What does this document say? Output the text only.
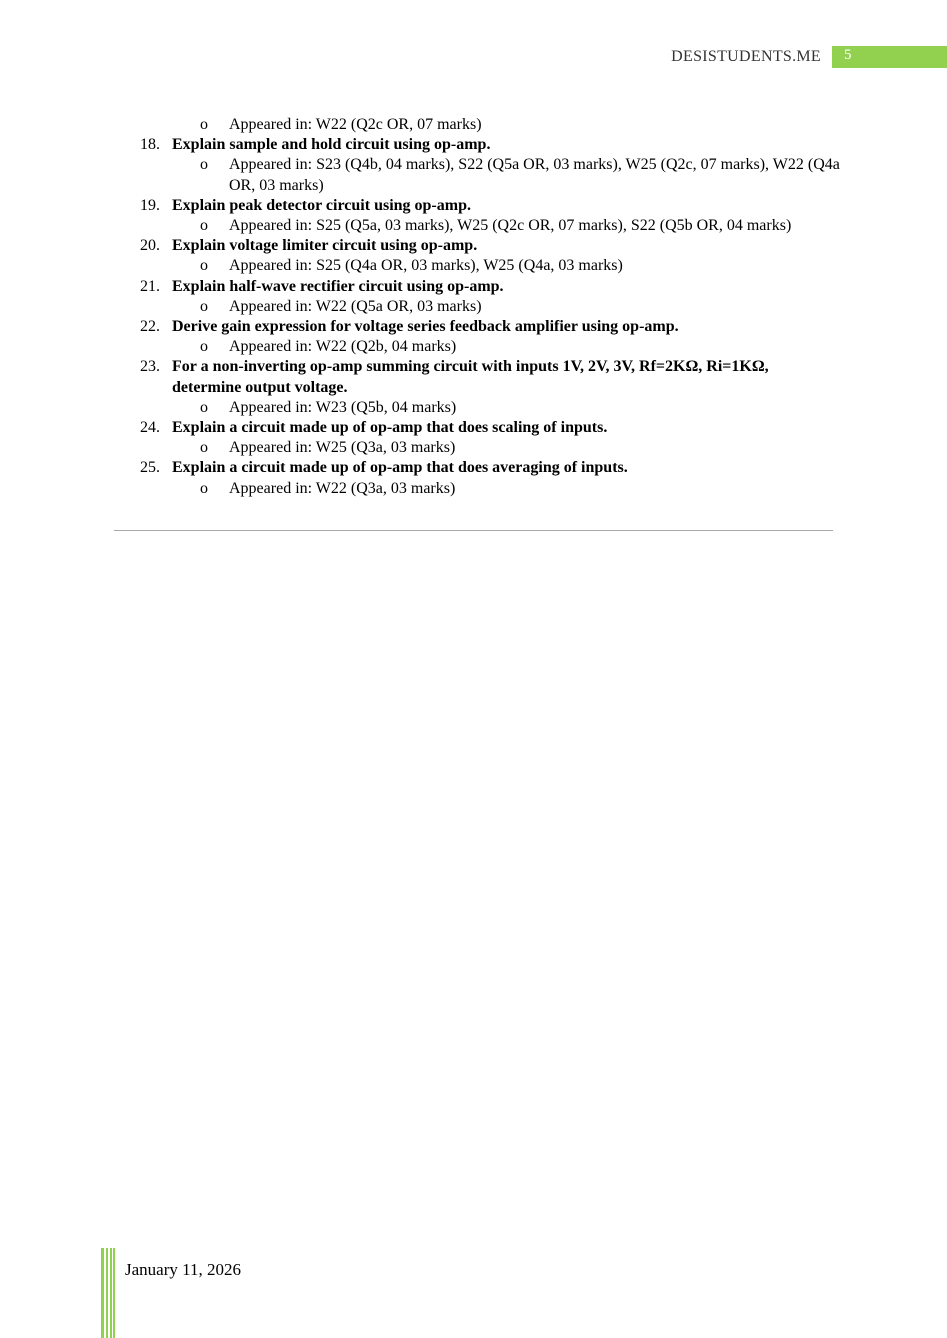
DESISTUDENTS.ME 5
o	Appeared in: W22 (Q2c OR, 07 marks)
18. Explain sample and hold circuit using op-amp.
o	Appeared in: S23 (Q4b, 04 marks), S22 (Q5a OR, 03 marks), W25 (Q2c, 07 marks), W22 (Q4a OR, 03 marks)
19. Explain peak detector circuit using op-amp.
o	Appeared in: S25 (Q5a, 03 marks), W25 (Q2c OR, 07 marks), S22 (Q5b OR, 04 marks)
20. Explain voltage limiter circuit using op-amp.
o	Appeared in: S25 (Q4a OR, 03 marks), W25 (Q4a, 03 marks)
21. Explain half-wave rectifier circuit using op-amp.
o	Appeared in: W22 (Q5a OR, 03 marks)
22. Derive gain expression for voltage series feedback amplifier using op-amp.
o	Appeared in: W22 (Q2b, 04 marks)
23. For a non-inverting op-amp summing circuit with inputs 1V, 2V, 3V, Rf=2KΩ, Ri=1KΩ, determine output voltage.
o	Appeared in: W23 (Q5b, 04 marks)
24. Explain a circuit made up of op-amp that does scaling of inputs.
o	Appeared in: W25 (Q3a, 03 marks)
25. Explain a circuit made up of op-amp that does averaging of inputs.
o	Appeared in: W22 (Q3a, 03 marks)
January 11, 2026
